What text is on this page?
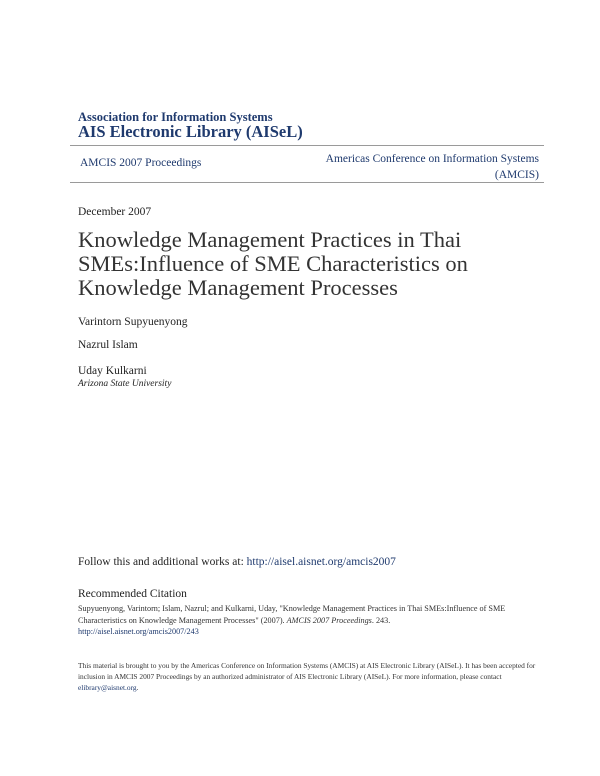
Association for Information Systems
AIS Electronic Library (AISeL)
AMCIS 2007 Proceedings	Americas Conference on Information Systems
(AMCIS)
December 2007
Knowledge Management Practices in Thai SMEs:Influence of SME Characteristics on Knowledge Management Processes
Varintorn Supyuenyong
Nazrul Islam
Uday Kulkarni
Arizona State University
Follow this and additional works at: http://aisel.aisnet.org/amcis2007
Recommended Citation
Supyuenyong, Varintorn; Islam, Nazrul; and Kulkarni, Uday, "Knowledge Management Practices in Thai SMEs:Influence of SME Characteristics on Knowledge Management Processes" (2007). AMCIS 2007 Proceedings. 243.
http://aisel.aisnet.org/amcis2007/243
This material is brought to you by the Americas Conference on Information Systems (AMCIS) at AIS Electronic Library (AISeL). It has been accepted for inclusion in AMCIS 2007 Proceedings by an authorized administrator of AIS Electronic Library (AISeL). For more information, please contact
elibrary@aisnet.org.
